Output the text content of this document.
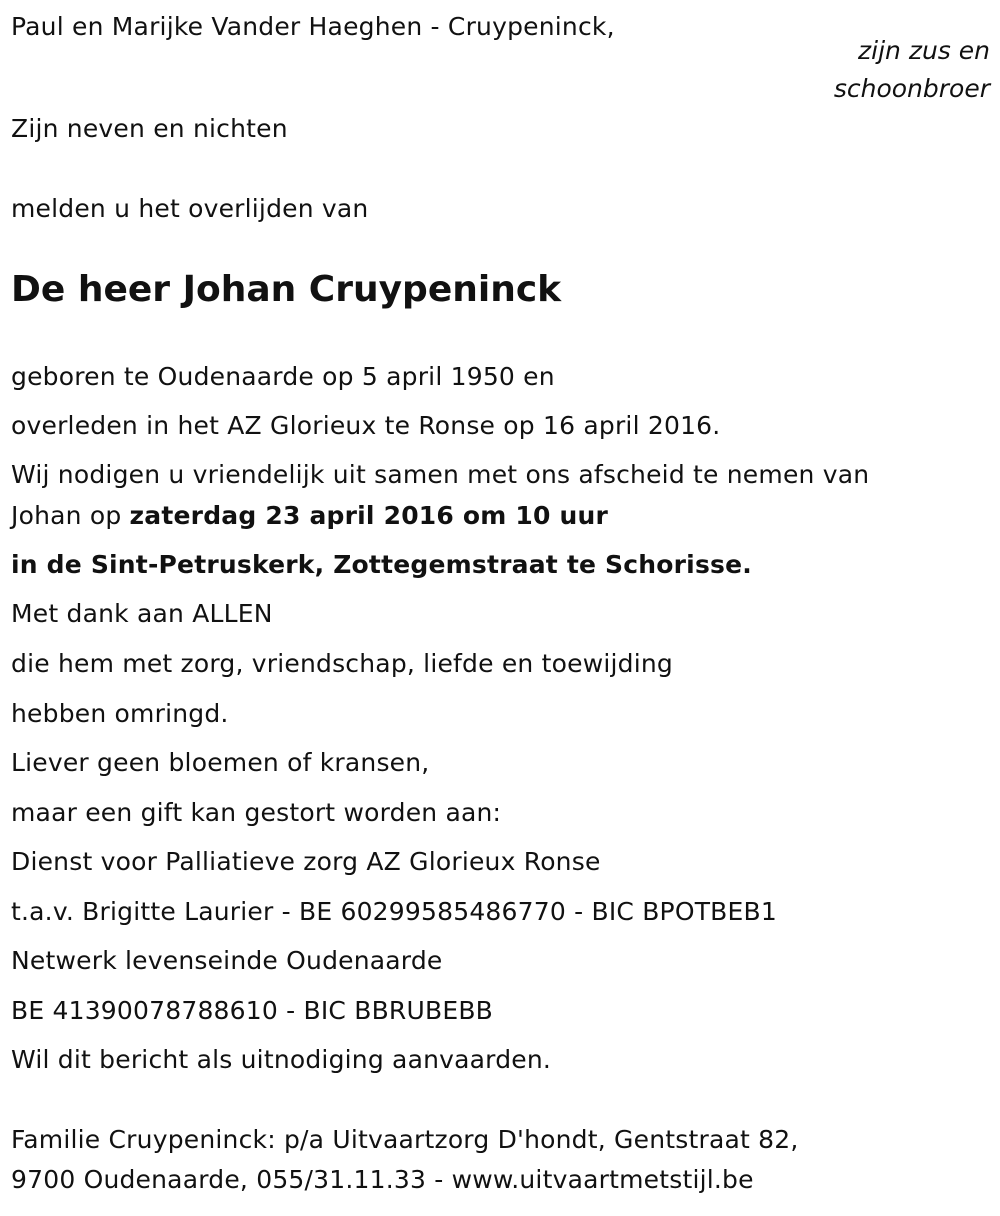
Paul en Marijke Vander Haeghen - Cruypeninck,
zijn zus en
schoonbroer
Zijn neven en nichten
melden u het overlijden van
De heer Johan Cruypeninck
geboren te Oudenaarde op 5 april 1950 en
overleden in het AZ Glorieux te Ronse op 16 april 2016.
Wij nodigen u vriendelijk uit samen met ons afscheid te nemen van
Johan op zaterdag 23 april 2016 om 10 uur
in de Sint-Petruskerk, Zottegemstraat te Schorisse.
Met dank aan ALLEN
die hem met zorg, vriendschap, liefde en toewijding
hebben omringd.
Liever geen bloemen of kransen,
maar een gift kan gestort worden aan:
Dienst voor Palliatieve zorg AZ Glorieux Ronse
t.a.v. Brigitte Laurier - BE 60299585486770 - BIC BPOTBEB1
Netwerk levenseinde Oudenaarde
BE 41390078788610 - BIC BBRUBEBB
Wil dit bericht als uitnodiging aanvaarden.
Familie Cruypeninck: p/a Uitvaartzorg D'hondt, Gentstraat 82,
9700 Oudenaarde, 055/31.11.33 - www.uitvaartmetstijl.be
